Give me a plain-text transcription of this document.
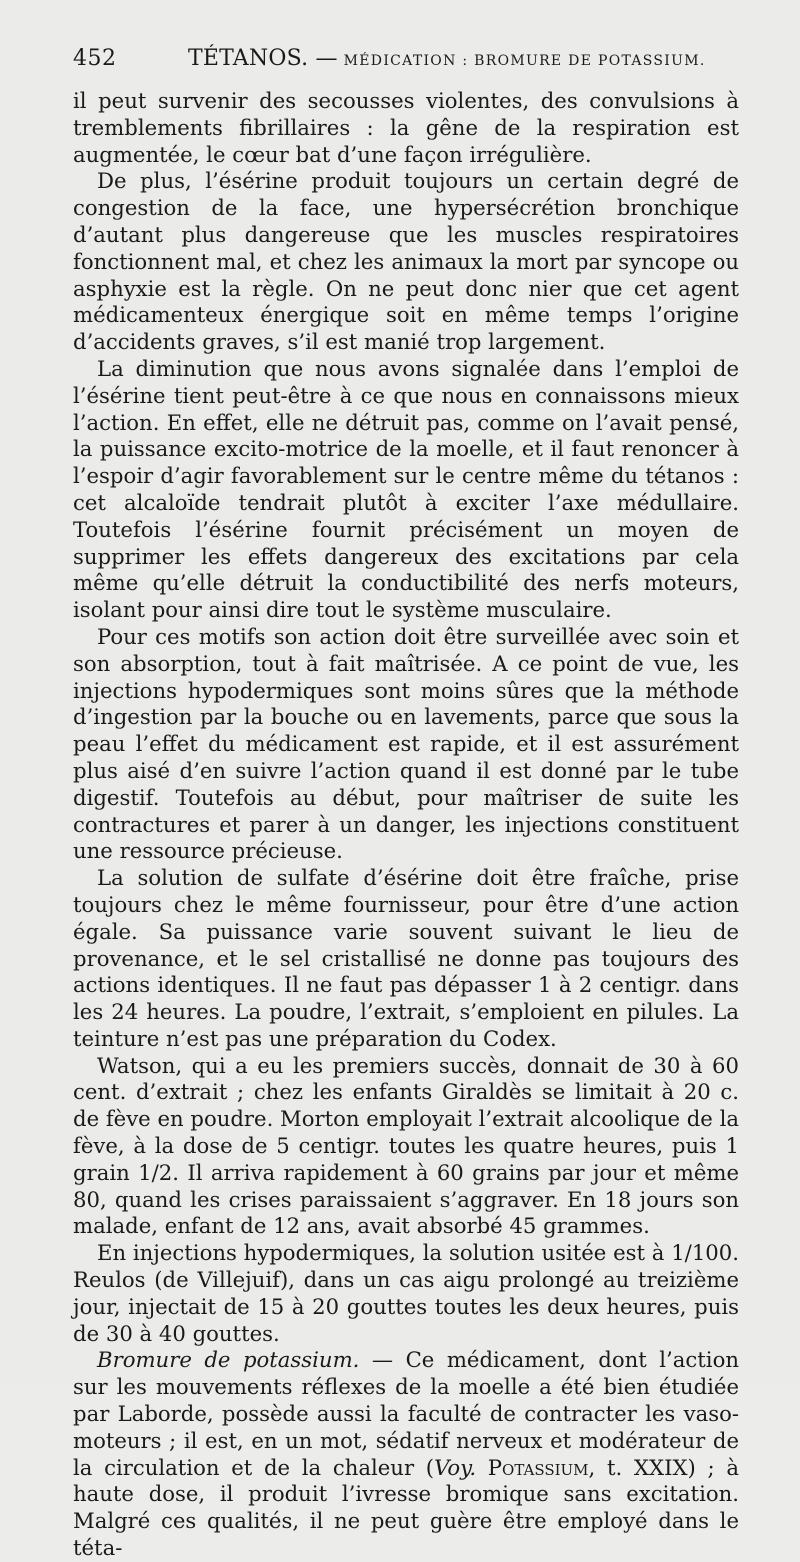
452	TÉTANOS. — MÉDICATION : BROMURE DE POTASSIUM.

il peut survenir des secousses violentes, des convulsions à tremblements fibrillaires : la gêne de la respiration est augmentée, le cœur bat d’une façon irrégulière.

De plus, l’ésérine produit toujours un certain degré de congestion de la face, une hypersécrétion bronchique d’autant plus dangereuse que les muscles respiratoires fonctionnent mal, et chez les animaux la mort par syncope ou asphyxie est la règle. On ne peut donc nier que cet agent médicamenteux énergique soit en même temps l’origine d’accidents graves, s’il est manié trop largement.

La diminution que nous avons signalée dans l’emploi de l’ésérine tient peut-être à ce que nous en connaissons mieux l’action. En effet, elle ne détruit pas, comme on l’avait pensé, la puissance excito-motrice de la moelle, et il faut renoncer à l’espoir d’agir favorablement sur le centre même du tétanos : cet alcaloïde tendrait plutôt à exciter l’axe médullaire. Toutefois l’ésérine fournit précisément un moyen de supprimer les effets dangereux des excitations par cela même qu’elle détruit la conductibilité des nerfs moteurs, isolant pour ainsi dire tout le système musculaire.

Pour ces motifs son action doit être surveillée avec soin et son absorption, tout à fait maîtrisée. A ce point de vue, les injections hypodermiques sont moins sûres que la méthode d’ingestion par la bouche ou en lavements, parce que sous la peau l’effet du médicament est rapide, et il est assurément plus aisé d’en suivre l’action quand il est donné par le tube digestif. Toutefois au début, pour maîtriser de suite les contractures et parer à un danger, les injections constituent une ressource précieuse.

La solution de sulfate d’ésérine doit être fraîche, prise toujours chez le même fournisseur, pour être d’une action égale. Sa puissance varie souvent suivant le lieu de provenance, et le sel cristallisé ne donne pas toujours des actions identiques. Il ne faut pas dépasser 1 à 2 centigr. dans les 24 heures. La poudre, l’extrait, s’emploient en pilules. La teinture n’est pas une préparation du Codex.

Watson, qui a eu les premiers succès, donnait de 30 à 60 cent. d’extrait ; chez les enfants Giraldès se limitait à 20 c. de fève en poudre. Morton employait l’extrait alcoolique de la fève, à la dose de 5 centigr. toutes les quatre heures, puis 1 grain 1/2. Il arriva rapidement à 60 grains par jour et même 80, quand les crises paraissaient s’aggraver. En 18 jours son malade, enfant de 12 ans, avait absorbé 45 grammes.

En injections hypodermiques, la solution usitée est à 1/100. Reulos (de Villejuif), dans un cas aigu prolongé au treizième jour, injectait de 15 à 20 gouttes toutes les deux heures, puis de 30 à 40 gouttes.

Bromure de potassium. — Ce médicament, dont l’action sur les mouvements réflexes de la moelle a été bien étudiée par Laborde, possède aussi la faculté de contracter les vaso-moteurs ; il est, en un mot, sédatif nerveux et modérateur de la circulation et de la chaleur (Voy. Potassium, t. XXIX) ; à haute dose, il produit l’ivresse bromique sans excitation. Malgré ces qualités, il ne peut guère être employé dans le téta-
